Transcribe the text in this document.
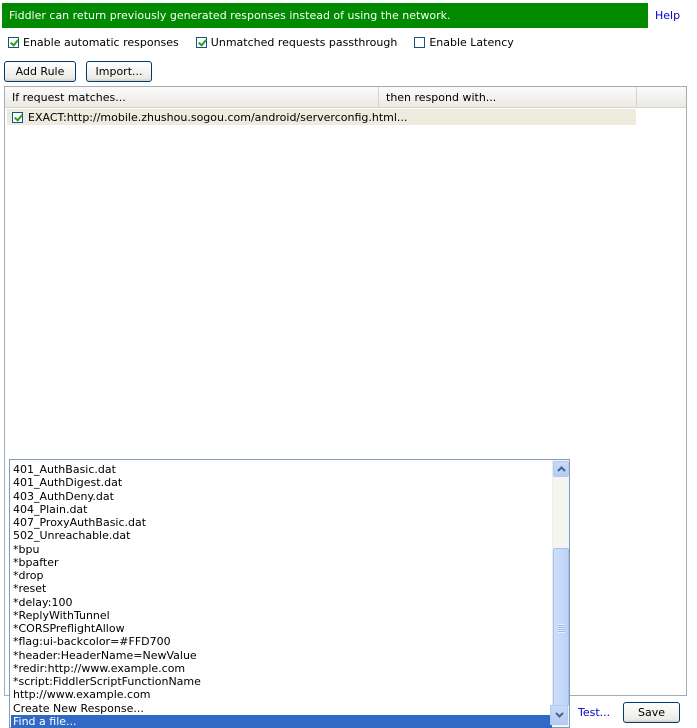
Fiddler can return previously generated responses instead of using the network.	Help
Enable automatic responses	Unmatched requests passthrough	Enable Latency
Add Rule	Import...
If request matches...	then respond with...
EXACT:http://mobile.zhushou.sogou.com/android/serverconfig.html...
401_AuthBasic.dat
401_AuthDigest.dat
403_AuthDeny.dat
404_Plain.dat
407_ProxyAuthBasic.dat
502_Unreachable.dat
*bpu
*bpafter
*drop
*reset
*delay:100
*ReplyWithTunnel
*CORSPreflightAllow
*flag:ui-backcolor=#FFD700
*header:HeaderName=NewValue
*redir:http://www.example.com
*script:FiddlerScriptFunctionName
http://www.example.com
Create New Response...
Find a file...
Test...	Save
